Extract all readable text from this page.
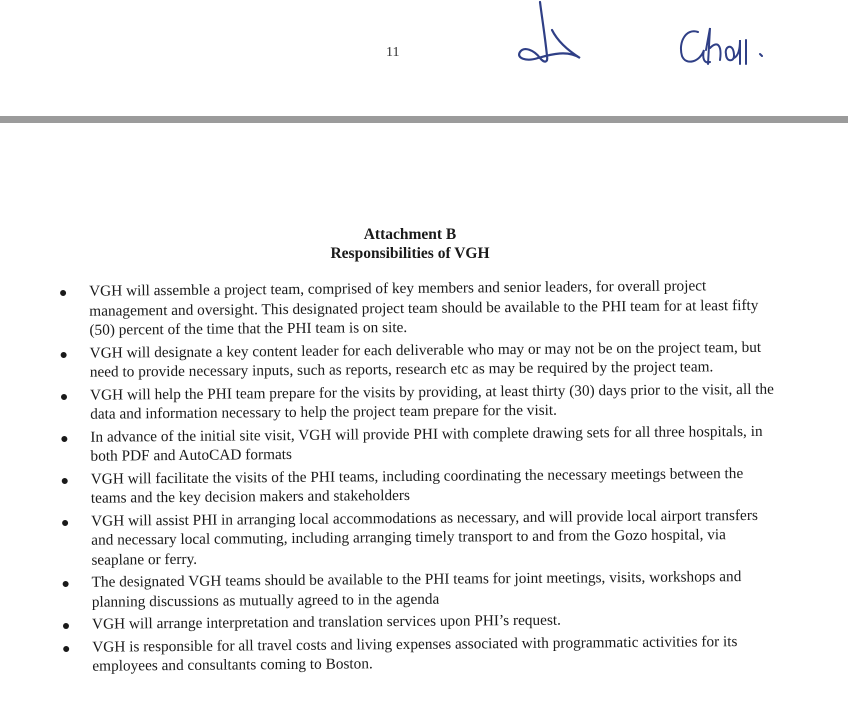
11
Attachment B
Responsibilities of VGH
VGH will assemble a project team, comprised of key members and senior leaders, for overall project management and oversight. This designated project team should be available to the PHI team for at least fifty (50) percent of the time that the PHI team is on site.
VGH will designate a key content leader for each deliverable who may or may not be on the project team, but need to provide necessary inputs, such as reports, research etc as may be required by the project team.
VGH will help the PHI team prepare for the visits by providing, at least thirty (30) days prior to the visit, all the data and information necessary to help the project team prepare for the visit.
In advance of the initial site visit, VGH will provide PHI with complete drawing sets for all three hospitals, in both PDF and AutoCAD formats
VGH will facilitate the visits of the PHI teams, including coordinating the necessary meetings between the teams and the key decision makers and stakeholders
VGH will assist PHI in arranging local accommodations as necessary, and will provide local airport transfers and necessary local commuting, including arranging timely transport to and from the Gozo hospital, via seaplane or ferry.
The designated VGH teams should be available to the PHI teams for joint meetings, visits, workshops and planning discussions as mutually agreed to in the agenda
VGH will arrange interpretation and translation services upon PHI’s request.
VGH is responsible for all travel costs and living expenses associated with programmatic activities for its employees and consultants coming to Boston.
